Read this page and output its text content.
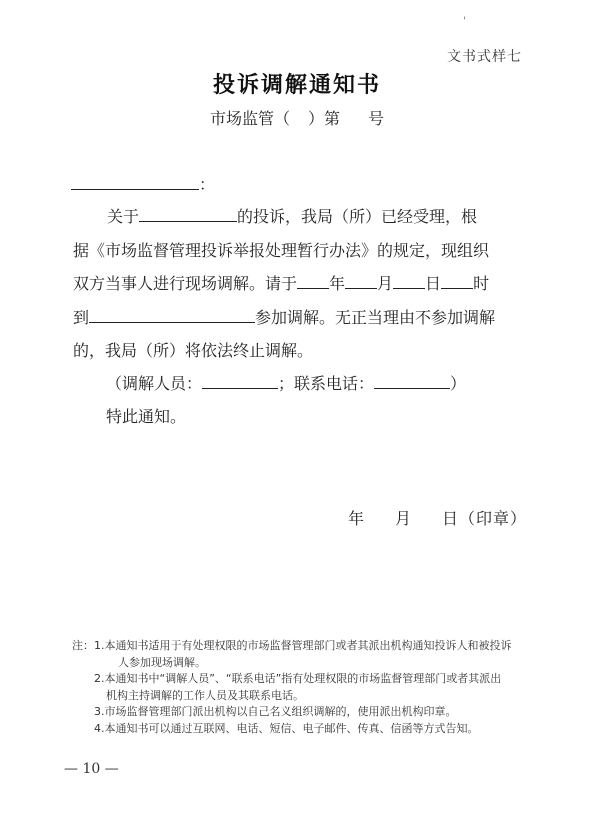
'
文书式样七
投诉调解通知书
市场监管（ ）第 号
：
关于	的投诉，我局（所）已经受理，根
据《市场监督管理投诉举报处理暂行办法》的规定，现组织
双方当事人进行现场调解。请于 年 月 日 时
到	参加调解。无正当理由不参加调解
的，我局（所）将依法终止调解。
（调解人员：	；联系电话：	）
特此通知。
年 月 日（印章）
注： 1.本通知书适用于有处理权限的市场监督管理部门或者其派出机构通知投诉人和被投诉
人参加现场调解。
2.本通知书中“调解人员”、“联系电话”指有处理权限的市场监督管理部门或者其派出
机构主持调解的工作人员及其联系电话。
3.市场监督管理部门派出机构以自己名义组织调解的，使用派出机构印章。
4.本通知书可以通过互联网、电话、短信、电子邮件、传真、信函等方式告知。
— 10 —
